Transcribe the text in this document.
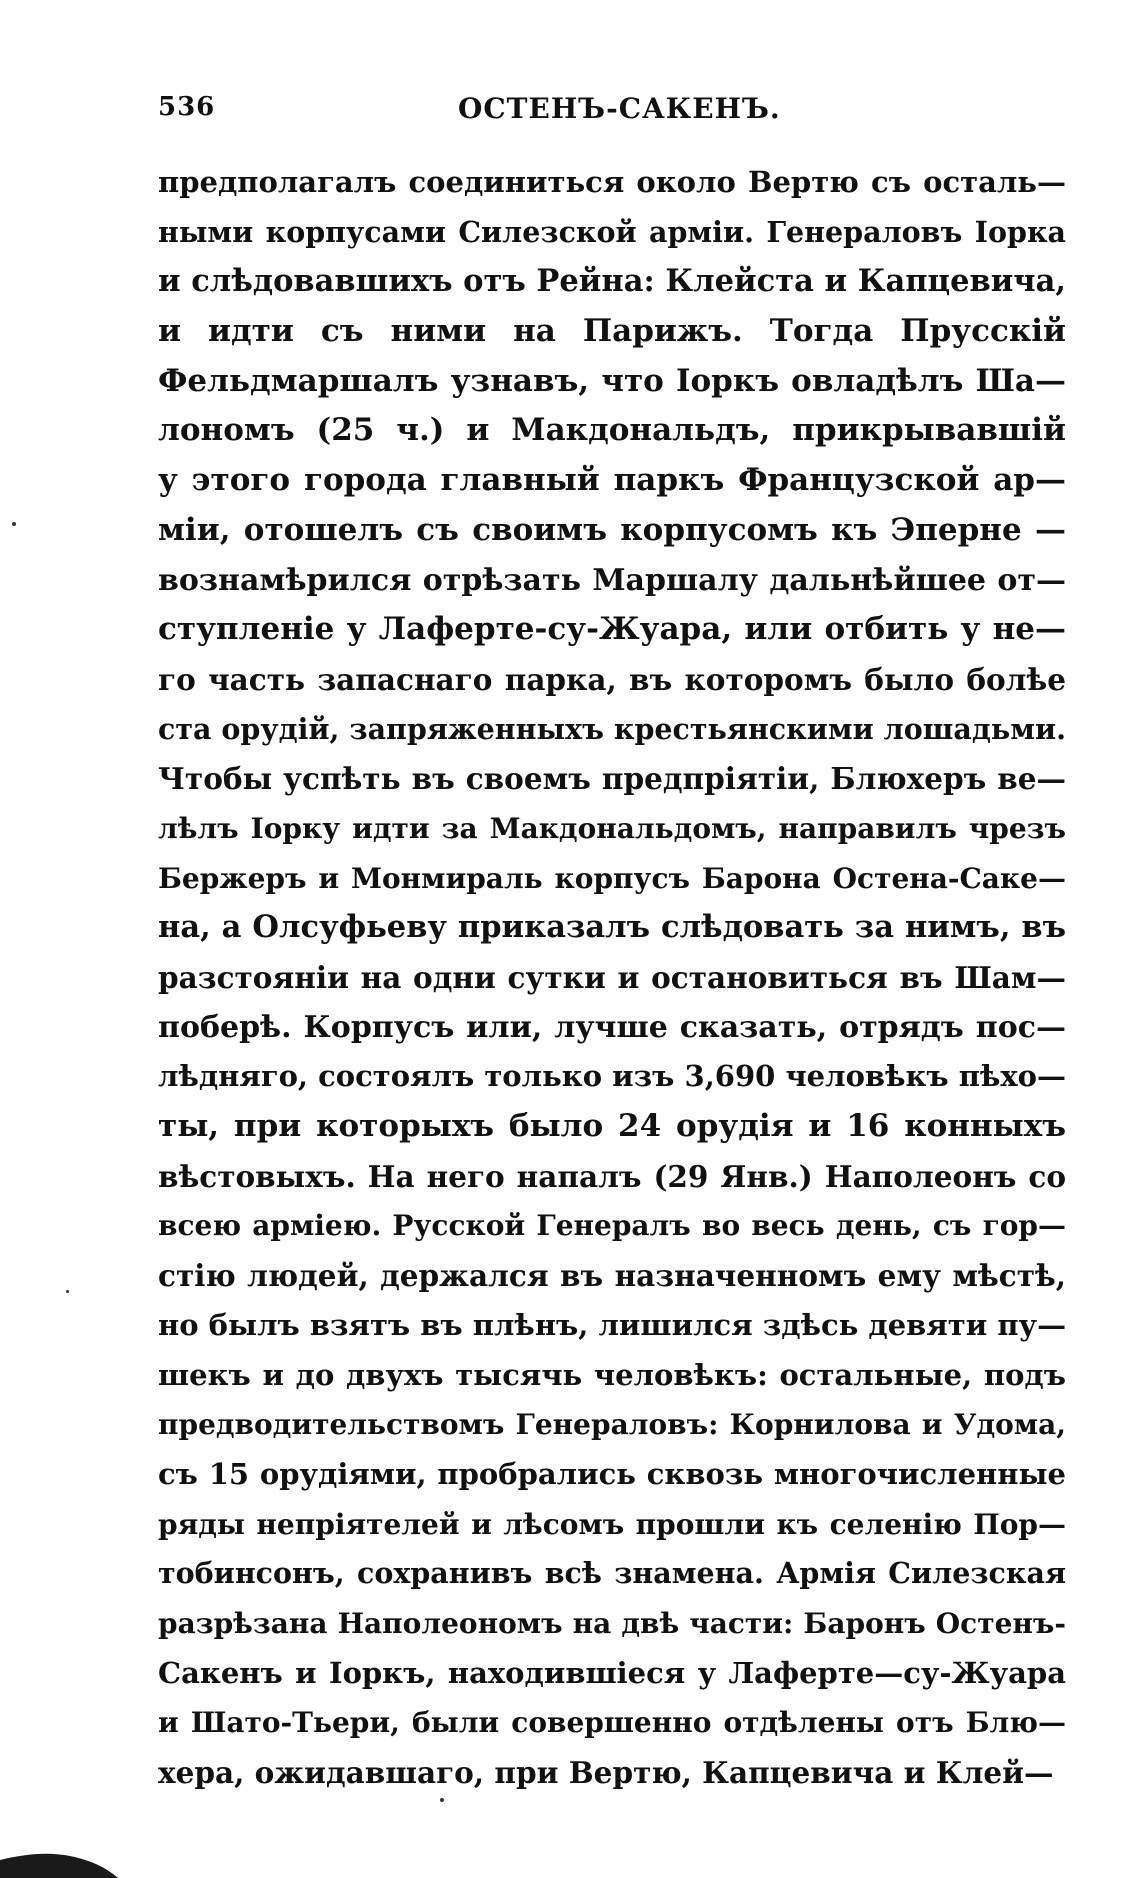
536	ОСТЕНЪ-САКЕНЪ.
предполагалъ соединиться около Вертю съ осталь—
ными корпусами Силезской арміи. Генераловъ Іорка
и слѣдовавшихъ отъ Рейна: Клейста и Капцевича,
и идти съ ними на Парижъ. Тогда Прусскій
Фельдмаршалъ узнавъ, что Іоркъ овладѣлъ Ша—
лономъ (25 ч.) и Макдональдъ, прикрывавшій
у этого города главный паркъ Французской ар—
міи, отошелъ съ своимъ корпусомъ къ Эпернe —
вознамѣрился отрѣзать Маршалу дальнѣйшее от—
ступленіе у Лаферте-су-Жуара, или отбить у не—
го часть запаснаго парка, въ которомъ было болѣе
ста орудій, запряженныхъ крестьянскими лошадьми.
Чтобы успѣть въ своемъ предпріятіи, Блюхеръ ве—
лѣлъ Іорку идти за Макдональдомъ, направилъ чрезъ
Бержеръ и Монмираль корпусъ Барона Остена-Сакe—
на, а Олсуфьеву приказалъ слѣдовать за нимъ, въ
разстояніи на одни сутки и остановиться въ Шам—
поберѣ. Корпусъ или, лучше сказать, отрядъ пос—
лѣдняго, состоялъ только изъ 3,690 человѣкъ пѣхо—
ты, при которыхъ было 24 орудія и 16 конныхъ
вѣстовыхъ. На него напалъ (29 Янв.) Наполеонъ со
всею арміею. Русской Генералъ во весь день, съ гор—
стію людей, держался въ назначенномъ ему мѣстѣ,
но былъ взятъ въ плѣнъ, лишился здѣсь девяти пу—
шекъ и до двухъ тысячь человѣкъ: остальные, подъ
предводительствомъ Генераловъ: Корнилова и Удома,
съ 15 орудіями, пробрались сквозь многочисленные
ряды непріятелей и лѣсомъ прошли къ селенію Пор—
тобинсонъ, сохранивъ всѣ знамена. Армія Силезская
разрѣзана Наполеономъ на двѣ части: Баронъ Остенъ-
Сакенъ и Іоркъ, находившіеся у Лаферте—су-Жуара
и Шато-Тьери, были совершенно отдѣлены отъ Блю—
хера, ожидавшаго, при Вертю, Капцевича и Клей—
